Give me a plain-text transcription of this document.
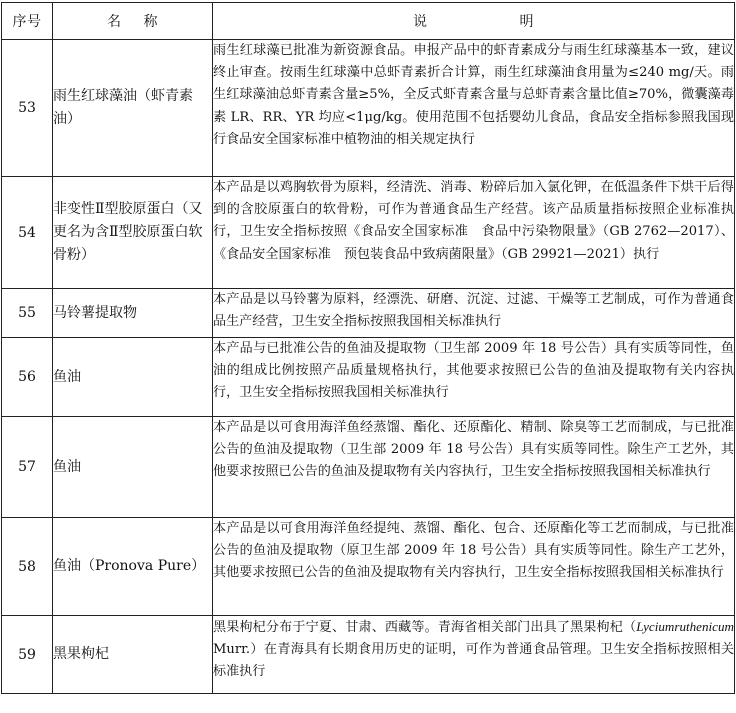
序号	名 称	说 明
53	雨生红球藻油（虾青素油）	雨生红球藻已批准为新资源食品。申报产品中的虾青素成分与雨生红球藻基本一致，建议终止审查。按雨生红球藻中总虾青素折合计算，雨生红球藻油食用量为≤240 mg/天。雨生红球藻油总虾青素含量≥5%，全反式虾青素含量与总虾青素含量比值≥70%，微囊藻毒素 LR、RR、YR 均应<1μg/kg。使用范围不包括婴幼儿食品，食品安全指标参照我国现行食品安全国家标准中植物油的相关规定执行
54	非变性Ⅱ型胶原蛋白（又更名为含Ⅱ型胶原蛋白软骨粉）	本产品是以鸡胸软骨为原料，经清洗、消毒、粉碎后加入氯化钾，在低温条件下烘干后得到的含胶原蛋白的软骨粉，可作为普通食品生产经营。该产品质量指标按照企业标准执行，卫生安全指标按照《食品安全国家标准　食品中污染物限量》（GB 2762—2017）、《食品安全国家标准　预包装食品中致病菌限量》（GB 29921—2021）执行
55	马铃薯提取物	本产品是以马铃薯为原料，经漂洗、研磨、沉淀、过滤、干燥等工艺制成，可作为普通食品生产经营，卫生安全指标按照我国相关标准执行
56	鱼油	本产品与已批准公告的鱼油及提取物（卫生部 2009 年 18 号公告）具有实质等同性，鱼油的组成比例按照产品质量规格执行，其他要求按照已公告的鱼油及提取物有关内容执行，卫生安全指标按照我国相关标准执行
57	鱼油	本产品是以可食用海洋鱼经蒸馏、酯化、还原酯化、精制、除臭等工艺而制成，与已批准公告的鱼油及提取物（卫生部 2009 年 18 号公告）具有实质等同性。除生产工艺外，其他要求按照已公告的鱼油及提取物有关内容执行，卫生安全指标按照我国相关标准执行
58	鱼油（Pronova Pure）	本产品是以可食用海洋鱼经提纯、蒸馏、酯化、包合、还原酯化等工艺而制成，与已批准公告的鱼油及提取物（原卫生部 2009 年 18 号公告）具有实质等同性。除生产工艺外，其他要求按照已公告的鱼油及提取物有关内容执行，卫生安全指标按照我国相关标准执行
59	黑果枸杞	黑果枸杞分布于宁夏、甘肃、西藏等。青海省相关部门出具了黑果枸杞（Lyciumruthenicum Murr.）在青海具有长期食用历史的证明，可作为普通食品管理。卫生安全指标按照相关标准执行
